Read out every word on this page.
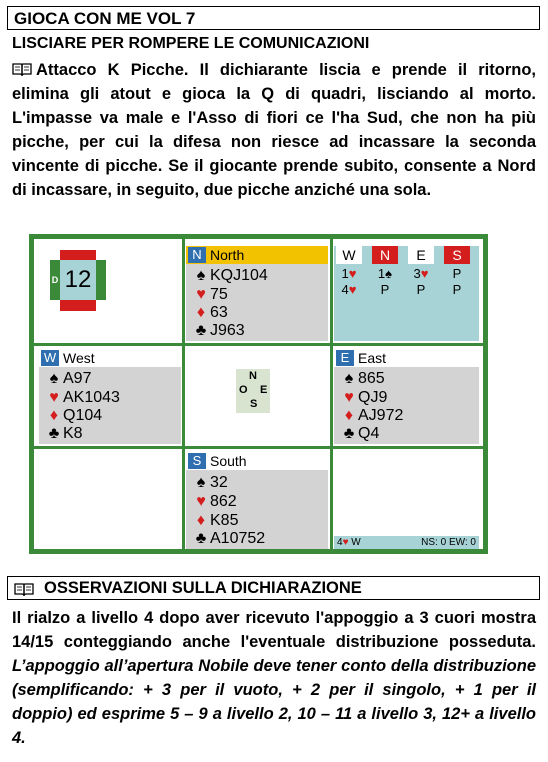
GIOCA CON ME VOL 7
LISCIARE PER ROMPERE LE COMUNICAZIONI
Attacco K Picche. Il dichiarante liscia e prende il ritorno, elimina gli atout e gioca la Q di quadri, lisciando al morto. L'impasse va male e l'Asso di fiori ce l'ha Sud, che non ha più picche, per cui la difesa non riesce ad incassare la seconda vincente di picche. Se il giocante prende subito, consente a Nord di incassare, in seguito, due picche anziché una sola.
12
D
N North
♠ KQJ104
♥ 75
♦ 63
♣ J963
W	N	E	S
1♥	1♠	3♥	P
4♥	P	P	P
W West
♠ A97
♥ AK1043
♦ Q104
♣ K8
N
O E
S
E East
♠ 865
♥ QJ9
♦ AJ972
♣ Q4
S South
♠ 32
♥ 862
♦ K85
♣ A10752	4♥ W	NS: 0 EW: 0
OSSERVAZIONI SULLA DICHIARAZIONE
Il rialzo a livello 4 dopo aver ricevuto l'appoggio a 3 cuori mostra 14/15 conteggiando anche l'eventuale distribuzione posseduta. L’appoggio all’apertura Nobile deve tener conto della distribuzione (semplificando: + 3 per il vuoto, + 2 per il singolo, + 1 per il doppio) ed esprime 5 – 9 a livello 2, 10 – 11 a livello 3, 12+ a livello 4.
